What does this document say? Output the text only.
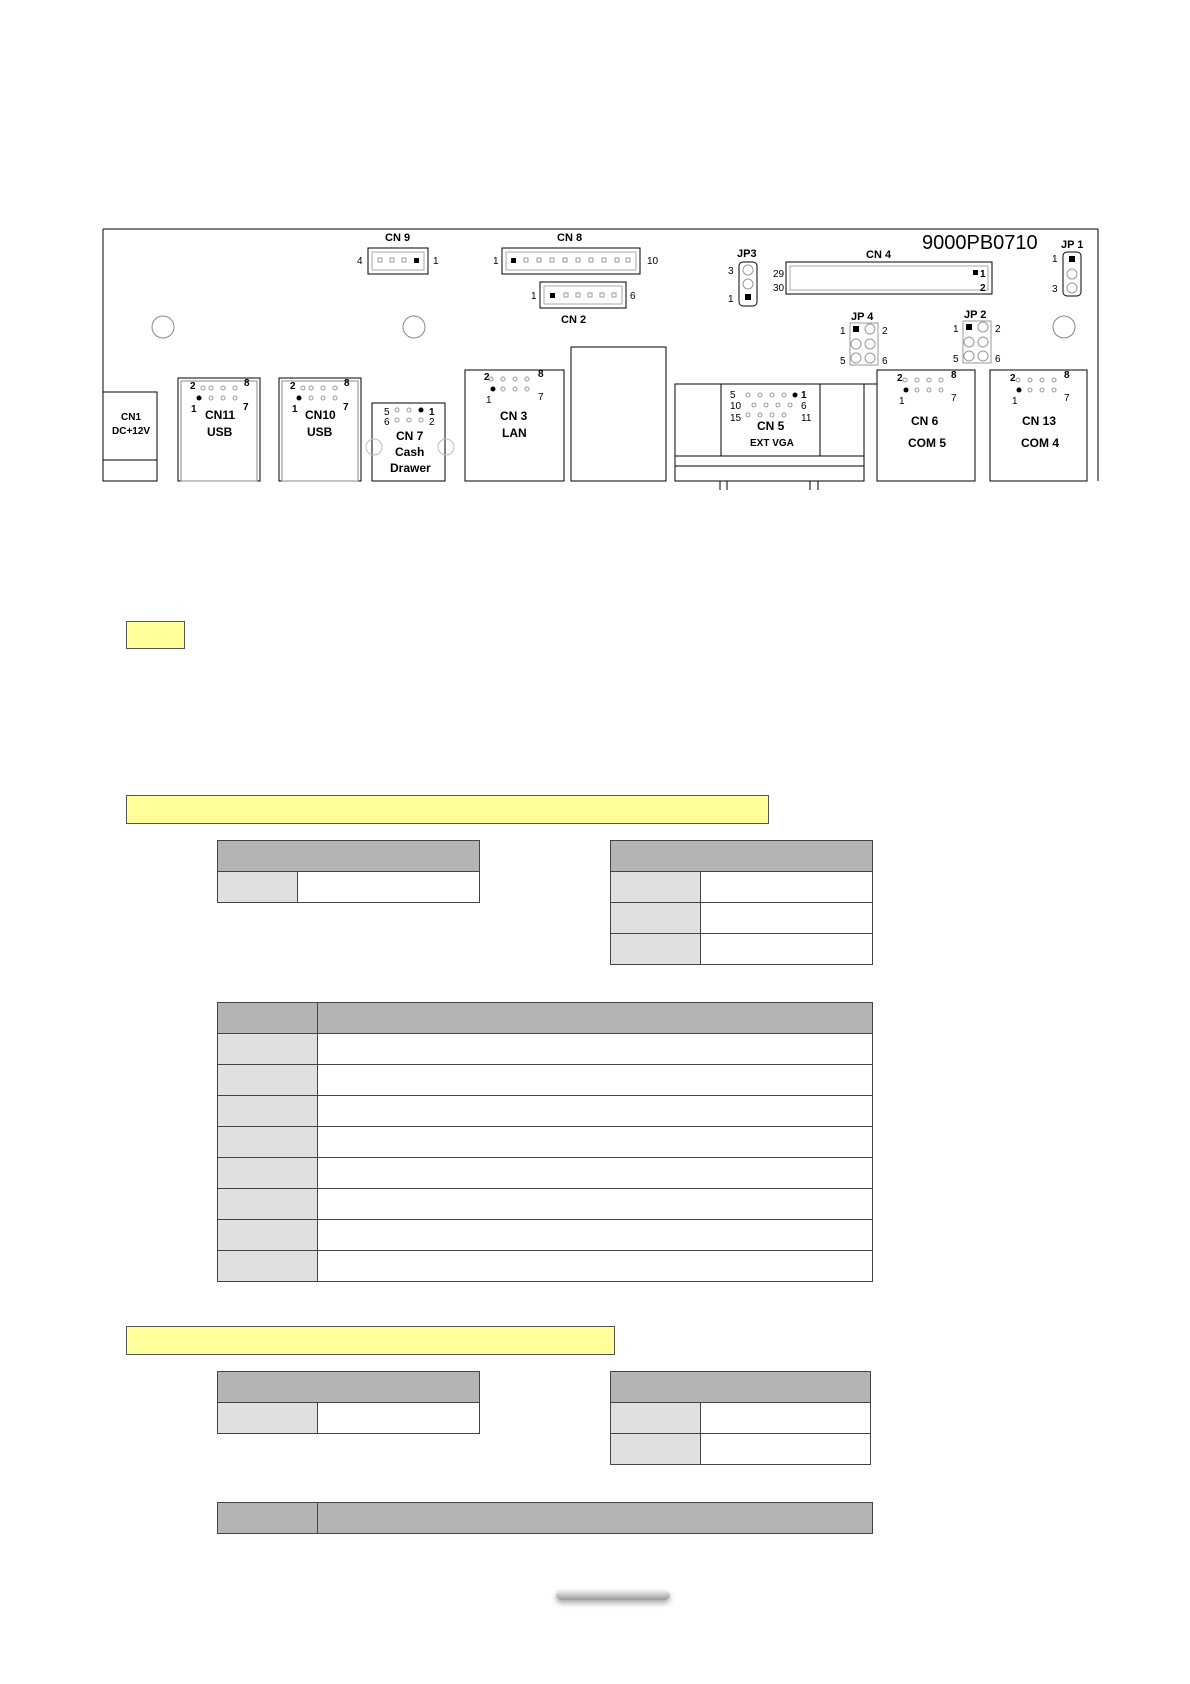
9000PB0710
CN 9
4	1
CN 8
1	10
1	6
CN 2
JP3
3
1
CN 4
29
30
1
2
JP 1
1
3
JP 4
1	2
5	6
JP 2
1	2
5	6
CN1
DC+12V
2	8
1	7
CN11
USB
2	8
1	7
CN10
USB
5
6
1
2
CN 7
Cash
Drawer
2	8
1	7
CN 3
LAN
5
10
15
1
6
11
CN 5
EXT VGA
2	8
1	7
CN 6
COM 5
2	8
1	7
CN 13
COM 4
